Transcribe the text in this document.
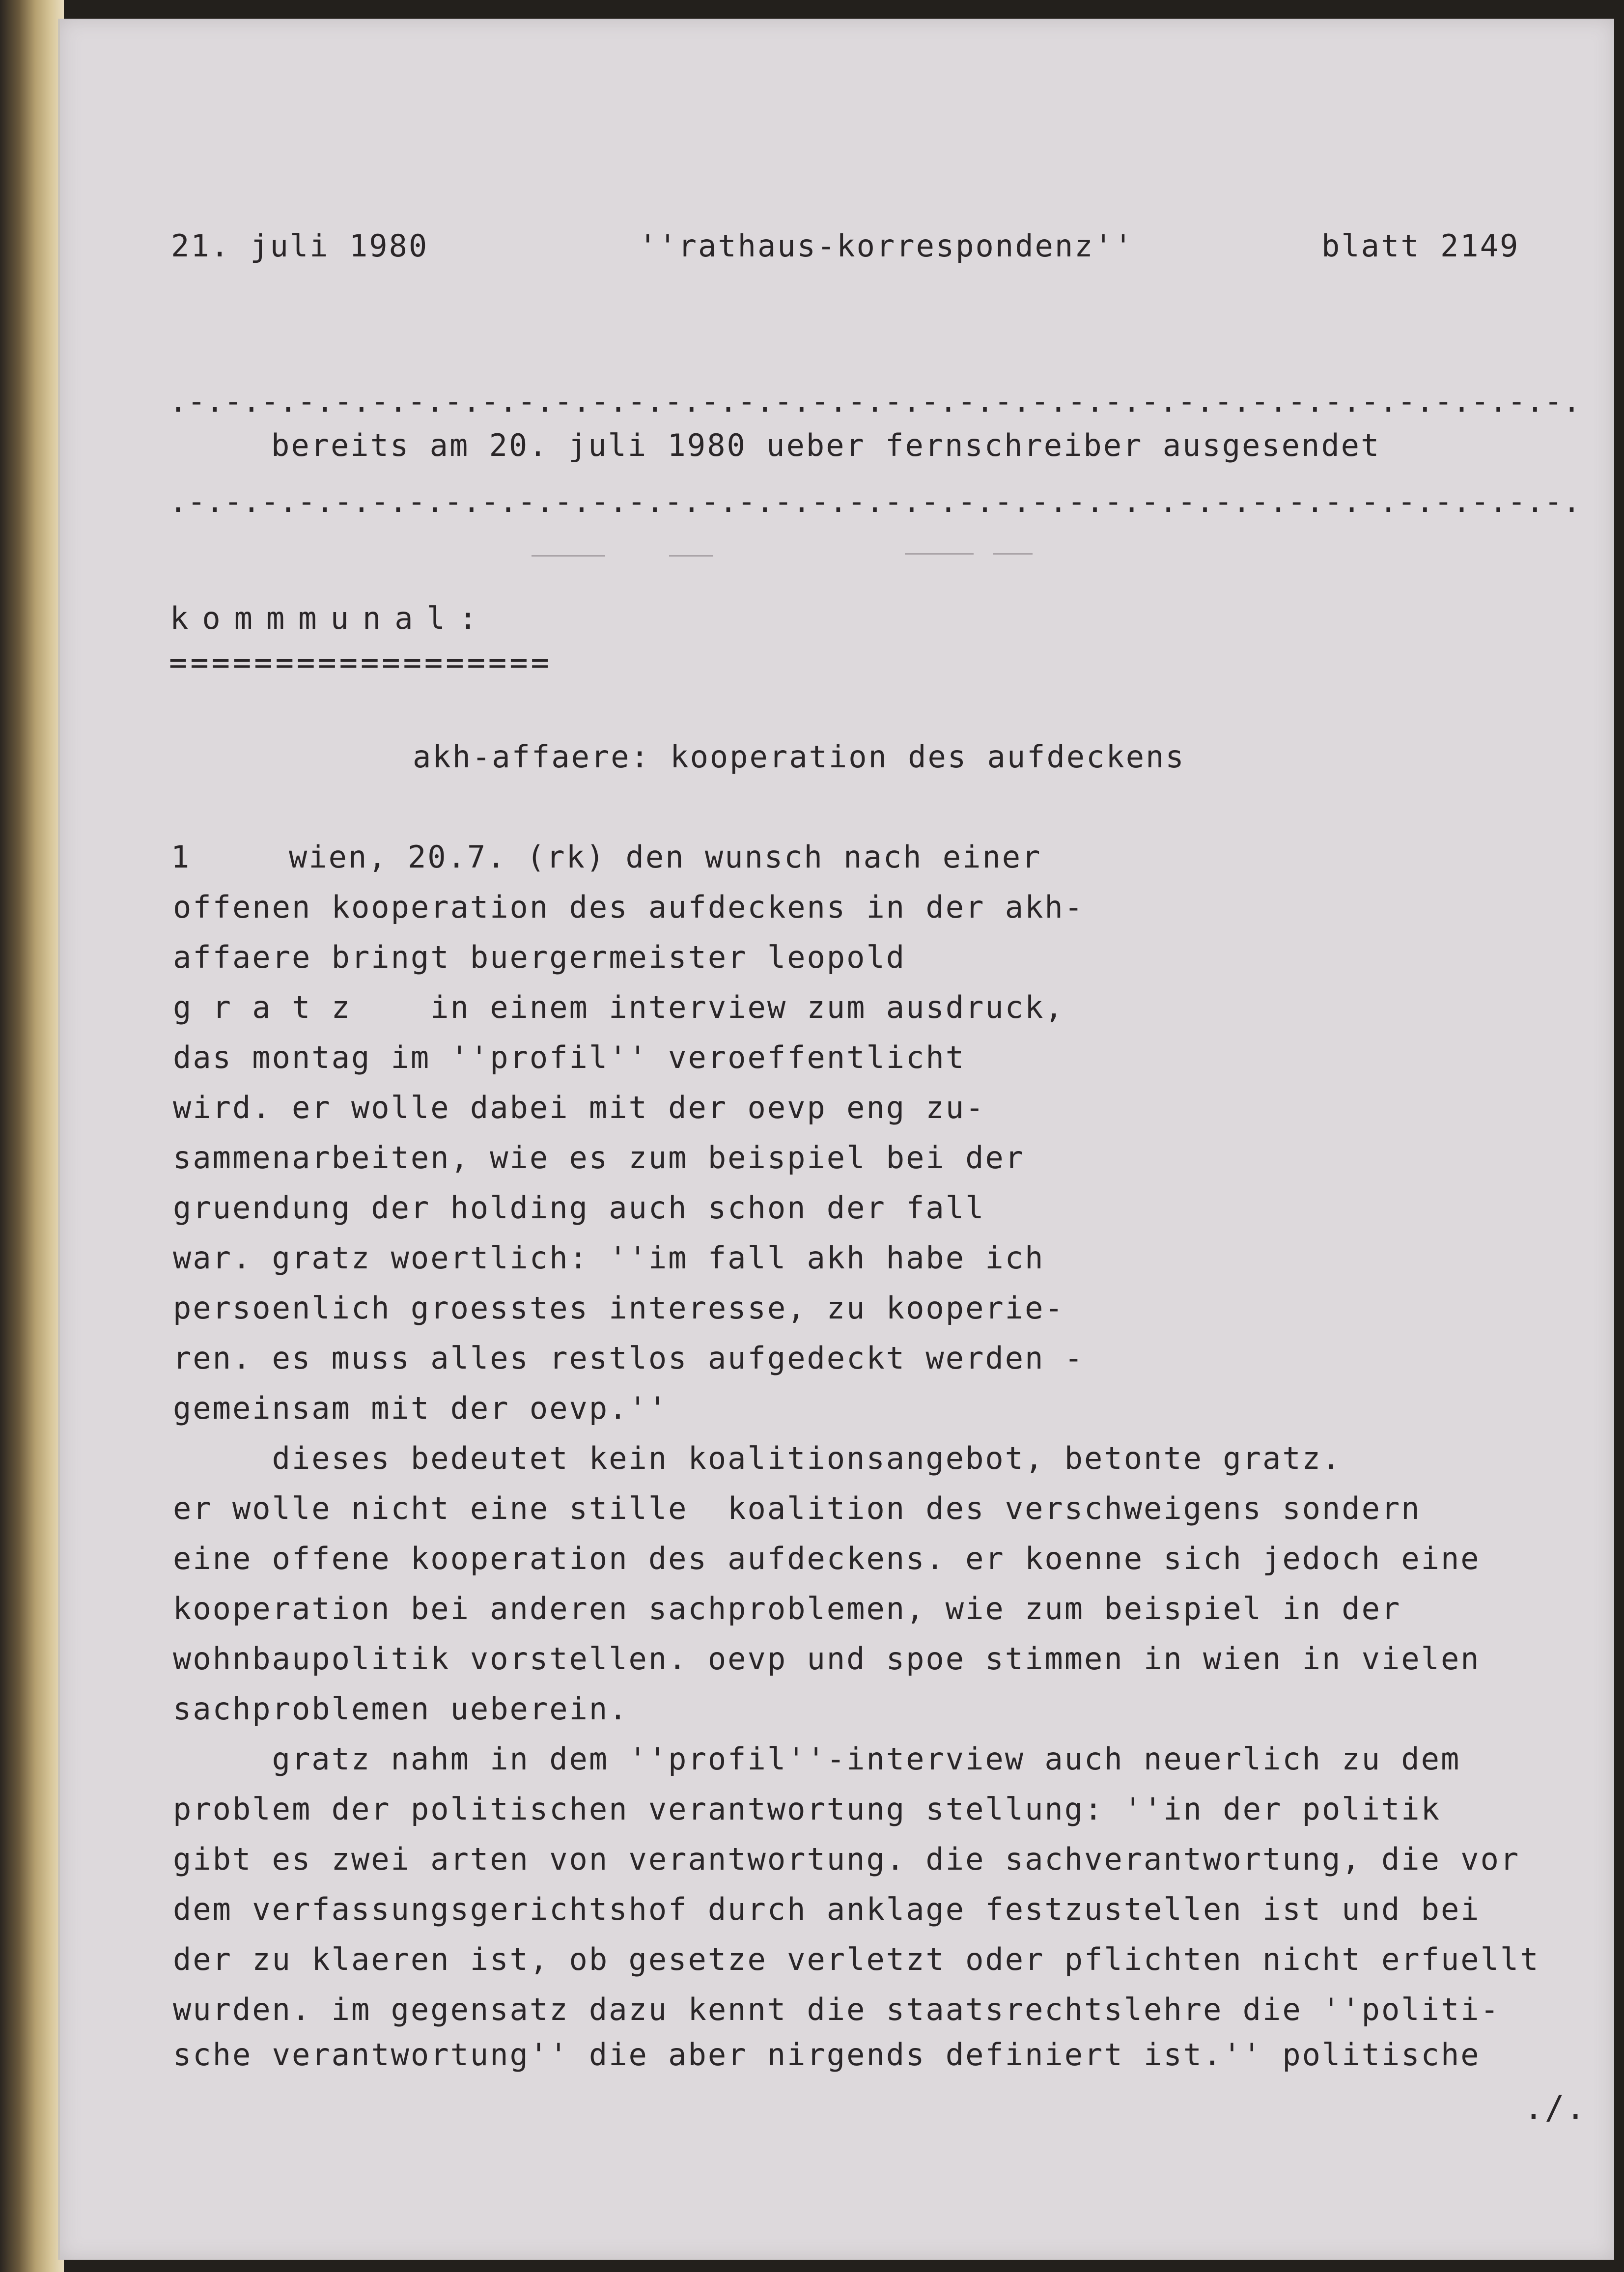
21. juli 1980	''rathaus-korrespondenz''	blatt 2149
.-.-.-.-.-.-.-.-.-.-.-.-.-.-.-.-.-.-.-.-.-.-.-.-.-.-.-.-.-.-.-.-.-.-.-.-.-.-.
bereits am 20. juli 1980 ueber fernschreiber ausgesendet
.-.-.-.-.-.-.-.-.-.-.-.-.-.-.-.-.-.-.-.-.-.-.-.-.-.-.-.-.-.-.-.-.-.-.-.-.-.-.
kommmunal:
==================
akh-affaere: kooperation des aufdeckens
1	wien, 20.7. (rk) den wunsch nach einer
offenen kooperation des aufdeckens in der akh-
affaere bringt buergermeister leopold
g r a t z    in einem interview zum ausdruck,
das montag im ''profil'' veroeffentlicht
wird. er wolle dabei mit der oevp eng zu-
sammenarbeiten, wie es zum beispiel bei der
gruendung der holding auch schon der fall
war. gratz woertlich: ''im fall akh habe ich
persoenlich groesstes interesse, zu kooperie-
ren. es muss alles restlos aufgedeckt werden -
gemeinsam mit der oevp.''
dieses bedeutet kein koalitionsangebot, betonte gratz.
er wolle nicht eine stille  koalition des verschweigens sondern
eine offene kooperation des aufdeckens. er koenne sich jedoch eine
kooperation bei anderen sachproblemen, wie zum beispiel in der
wohnbaupolitik vorstellen. oevp und spoe stimmen in wien in vielen
sachproblemen ueberein.
gratz nahm in dem ''profil''-interview auch neuerlich zu dem
problem der politischen verantwortung stellung: ''in der politik
gibt es zwei arten von verantwortung. die sachverantwortung, die vor
dem verfassungsgerichtshof durch anklage festzustellen ist und bei
der zu klaeren ist, ob gesetze verletzt oder pflichten nicht erfuellt
wurden. im gegensatz dazu kennt die staatsrechtslehre die ''politi-
sche verantwortung'' die aber nirgends definiert ist.'' politische
./.
